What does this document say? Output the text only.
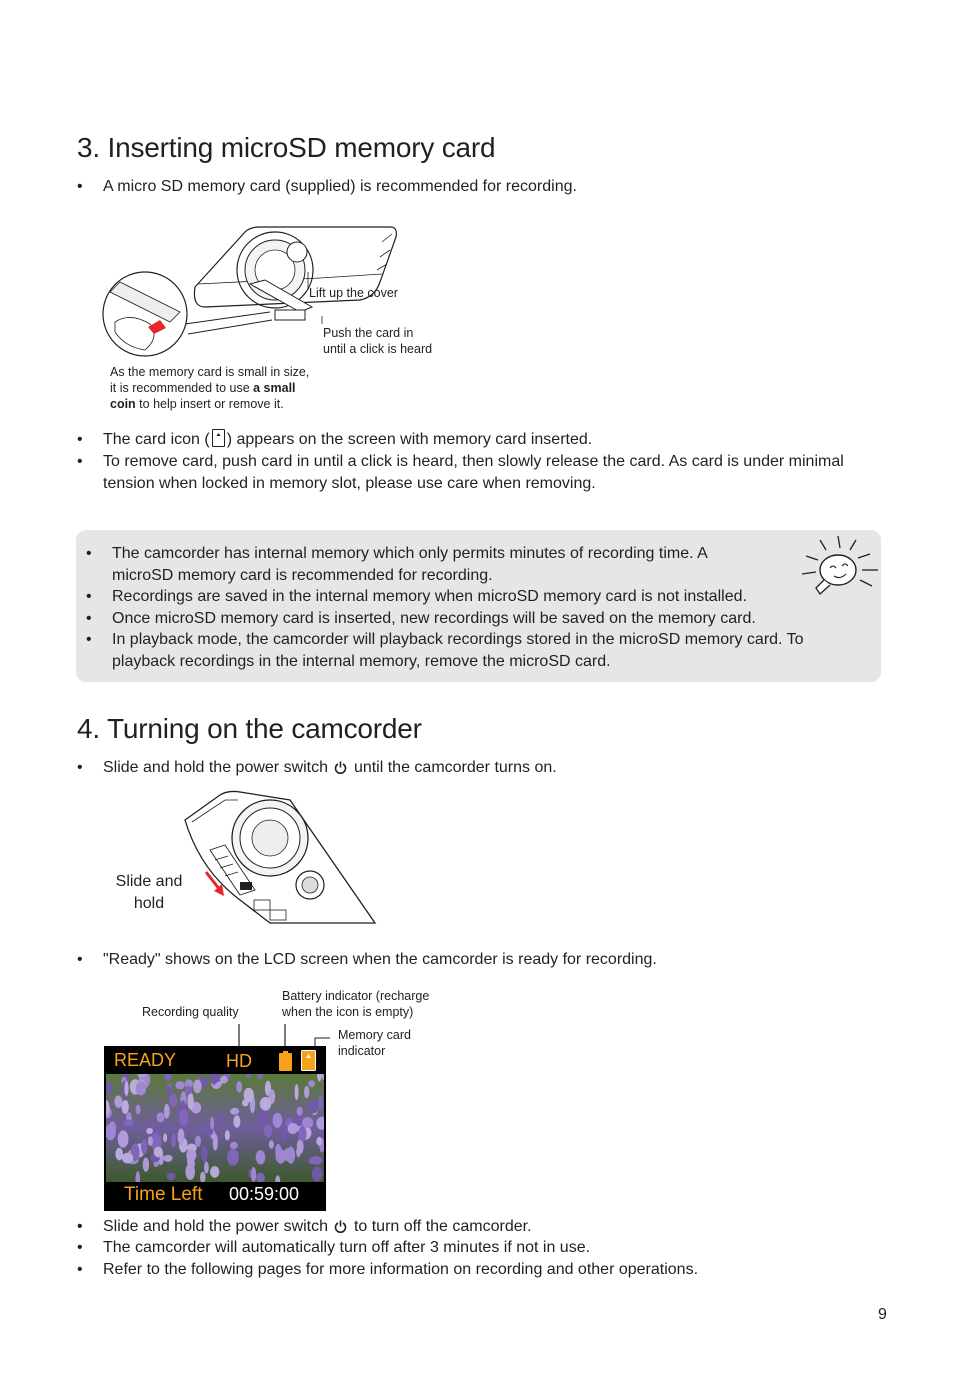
3. Inserting microSD memory card
• A micro SD memory card (supplied) is recommended for recording.
Lift up the cover
Push the card in
until a click is heard
As the memory card is small in size,
it is recommended to use a small
coin to help insert or remove it.
• The card icon ( ) appears on the screen with memory card inserted.
• To remove card, push card in until a click is heard, then slowly release the card. As card is under minimal tension when locked in memory slot, please use care when removing.
• The camcorder has internal memory which only permits minutes of recording time. A microSD memory card is recommended for recording.
• Recordings are saved in the internal memory when microSD memory card is not installed.
• Once microSD memory card is inserted, new recordings will be saved on the memory card.
• In playback mode, the camcorder will playback recordings stored in the microSD memory card. To playback recordings in the internal memory, remove the microSD card.
4. Turning on the camcorder
• Slide and hold the power switch until the camcorder turns on.
Slide and
hold
• "Ready" shows on the LCD screen when the camcorder is ready for recording.
Recording quality
Battery indicator (recharge
when the icon is empty)
Memory card
indicator
READY	HD
Time Left 00:59:00
• Slide and hold the power switch to turn off the camcorder.
• The camcorder will automatically turn off after 3 minutes if not in use.
• Refer to the following pages for more information on recording and other operations.
9
